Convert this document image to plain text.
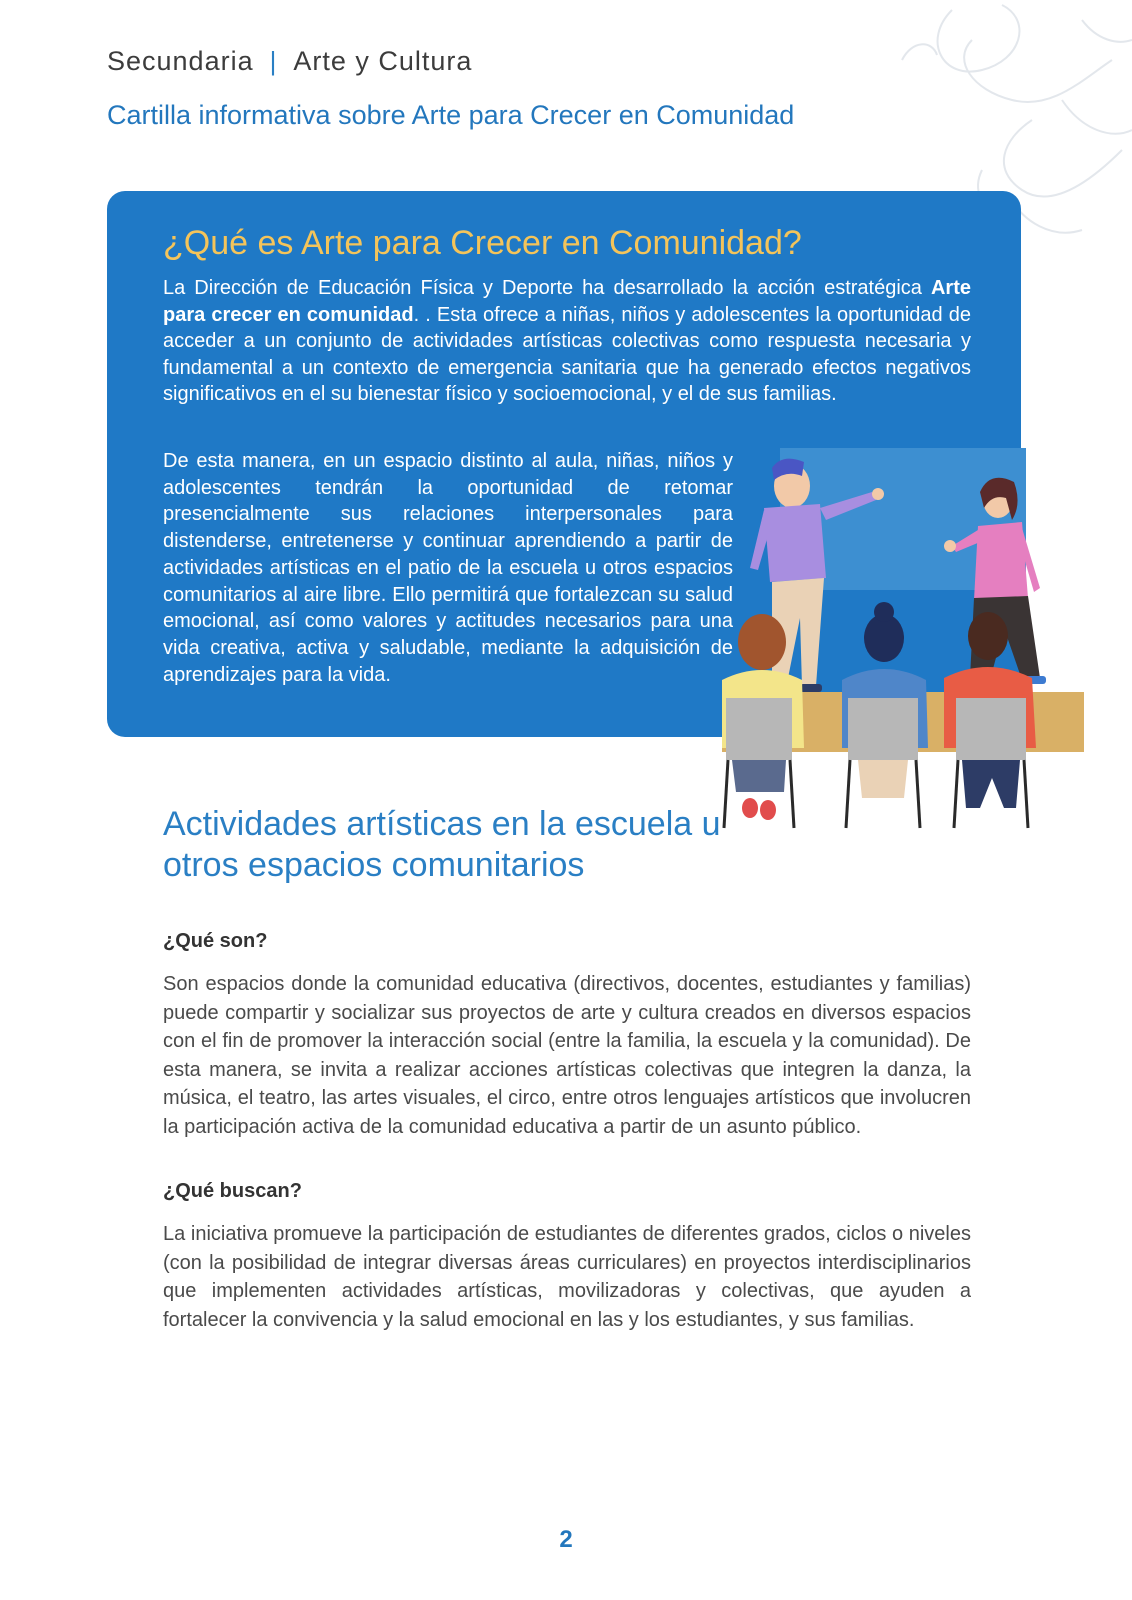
Secundaria | Arte y Cultura
Cartilla informativa sobre Arte para Crecer en Comunidad
¿Qué es Arte para Crecer en Comunidad?

La Dirección de Educación Física y Deporte ha desarrollado la acción estratégica Arte para crecer en comunidad. . Esta ofrece a niñas, niños y adolescentes la oportunidad de acceder a un conjunto de actividades artísticas colectivas como respuesta necesaria y fundamental a un contexto de emergencia sanitaria que ha generado efectos negativos significativos en el su bienestar físico y socioemocional, y el de sus familias.

De esta manera, en un espacio distinto al aula, niñas, niños y adolescentes tendrán la oportunidad de retomar presencialmente sus relaciones interpersonales para distenderse, entretenerse y continuar aprendiendo a partir de actividades artísticas en el patio de la escuela u otros espacios comunitarios al aire libre. Ello permitirá que fortalezcan su salud emocional, así como valores y actitudes necesarios para una vida creativa, activa y saludable, mediante la adquisición de aprendizajes para la vida.

Actividades artísticas en la escuela u otros espacios comunitarios
¿Qué son?

Son espacios donde la comunidad educativa (directivos, docentes, estudiantes y familias) puede compartir y socializar sus proyectos de arte y cultura creados en diversos espacios con el fin de promover la interacción social (entre la familia, la escuela y la comunidad). De esta manera, se invita a realizar acciones artísticas colectivas que integren la danza, la música, el teatro, las artes visuales, el circo, entre otros lenguajes artísticos que involucren la participación activa de la comunidad educativa a partir de un asunto público.

¿Qué buscan?

La iniciativa promueve la participación de estudiantes de diferentes grados, ciclos o niveles (con la posibilidad de integrar diversas áreas curriculares) en proyectos interdisciplinarios que implementen actividades artísticas, movilizadoras y colectivas, que ayuden a fortalecer la convivencia y la salud emocional en las y los estudiantes, y sus familias.

2
